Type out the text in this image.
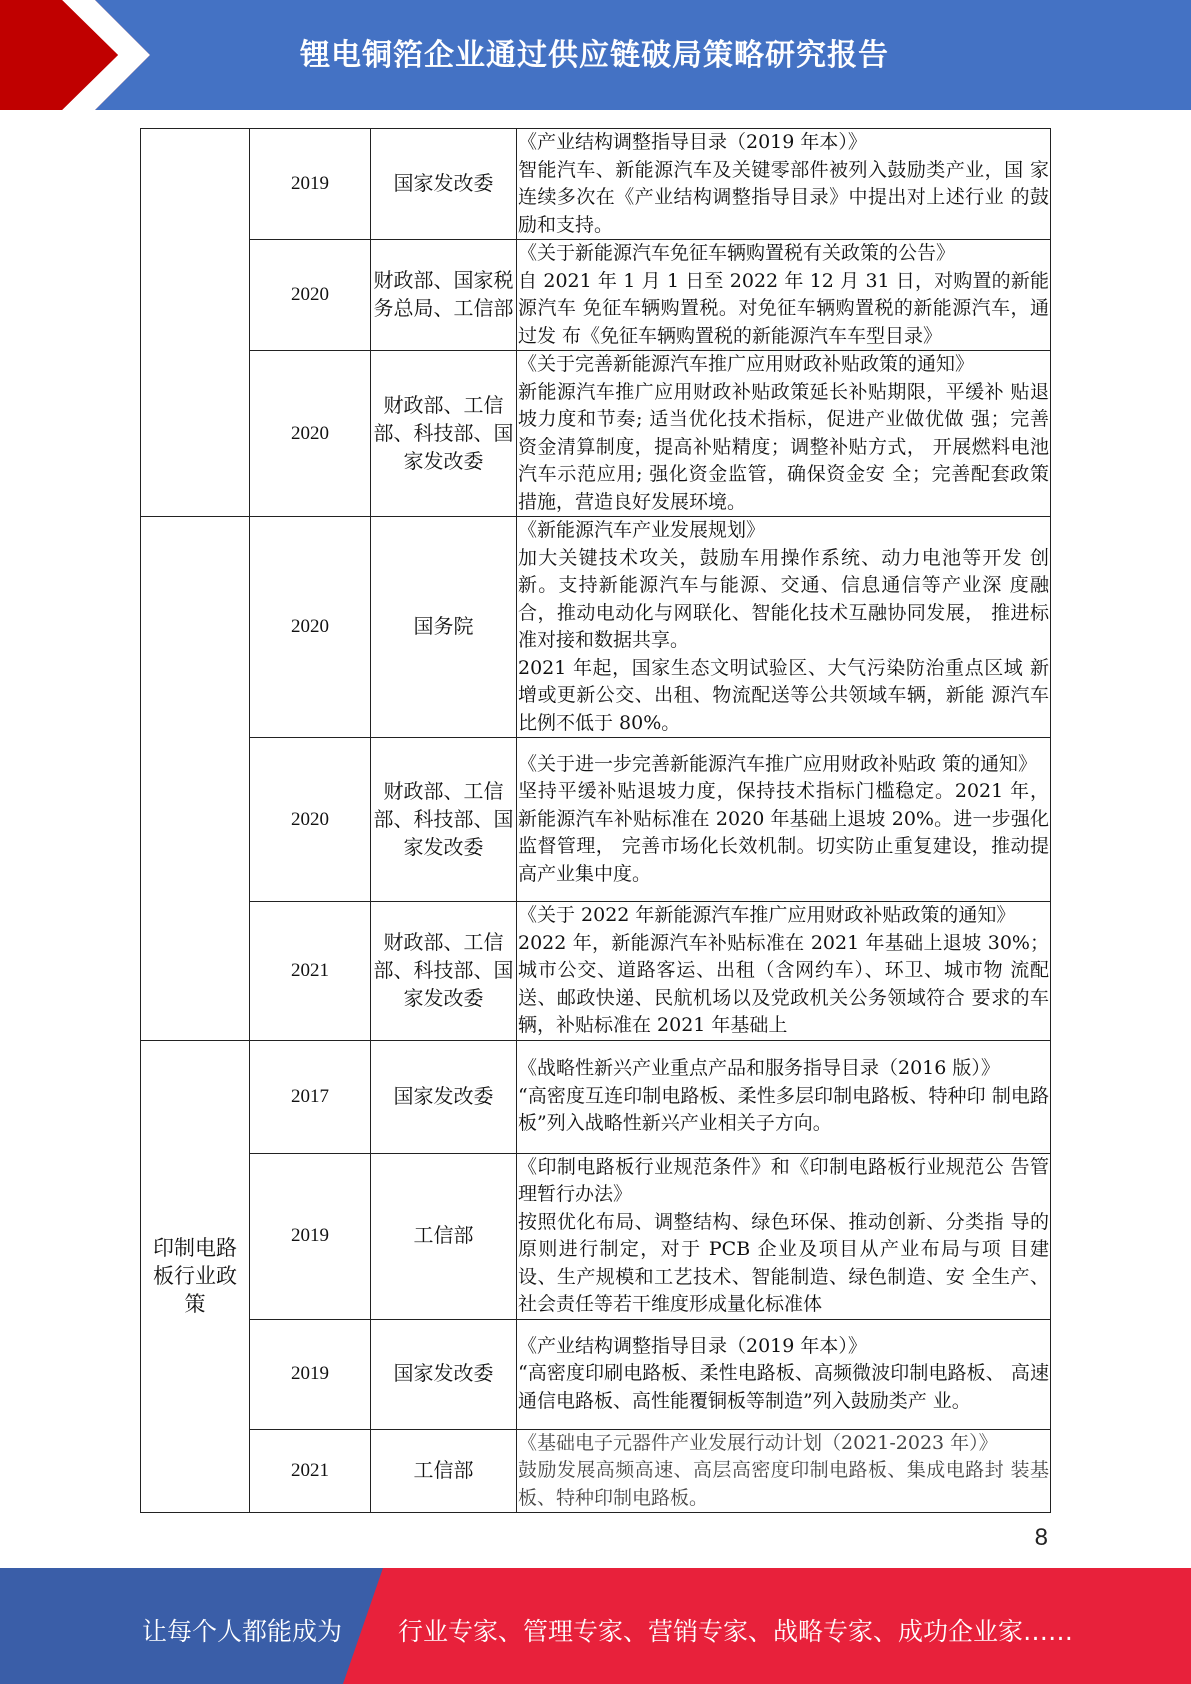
锂电铜箔企业通过供应链破局策略研究报告
	2019	国家发改委	《产业结构调整指导目录（2019 年本）》
智能汽车、新能源汽车及关键零部件被列入鼓励类产业，国 家连续多次在《产业结构调整指导目录》中提出对上述行业 的鼓励和支持。

	2020	财政部、国家税务总局、工信部	《关于新能源汽车免征车辆购置税有关政策的公告》
自 2021 年 1 月 1 日至 2022 年 12 月 31 日，对购置的新能源汽车 免征车辆购置税。对免征车辆购置税的新能源汽车，通过发 布《免征车辆购置税的新能源汽车车型目录》

	2020	财政部、工信部、科技部、国 家发改委	《关于完善新能源汽车推广应用财政补贴政策的通知》
新能源汽车推广应用财政补贴政策延长补贴期限，平缓补 贴退坡力度和节奏; 适当优化技术指标，促进产业做优做 强；完善资金清算制度，提高补贴精度；调整补贴方式， 开展燃料电池汽车示范应用; 强化资金监管，确保资金安 全；完善配套政策措施，营造良好发展环境。

	2020	国务院	《新能源汽车产业发展规划》
加大关键技术攻关，鼓励车用操作系统、动力电池等开发 创新。支持新能源汽车与能源、交通、信息通信等产业深 度融合，推动电动化与网联化、智能化技术互融协同发展， 推进标准对接和数据共享。
2021 年起，国家生态文明试验区、大气污染防治重点区域 新增或更新公交、出租、物流配送等公共领域车辆，新能 源汽车比例不低于 80%。

	2020	财政部、工信部、科技部、国 家发改委	《关于进一步完善新能源汽车推广应用财政补贴政 策的通知》
坚持平缓补贴退坡力度，保持技术指标门槛稳定。2021 年， 新能源汽车补贴标准在 2020 年基础上退坡 20%。进一步强化监督管理， 完善市场化长效机制。切实防止重复建设，推动提高产业集中度。

	2021	财政部、工信部、科技部、国 家发改委	《关于 2022 年新能源汽车推广应用财政补贴政策的通知》
2022 年，新能源汽车补贴标准在 2021 年基础上退坡 30%； 城市公交、道路客运、出租（含网约车）、环卫、城市物 流配送、邮政快递、民航机场以及党政机关公务领域符合 要求的车辆，补贴标准在 2021 年基础上

印制电路板行业政策	2017	国家发改委	《战略性新兴产业重点产品和服务指导目录（2016 版）》
“高密度互连印制电路板、柔性多层印制电路板、特种印 制电路板”列入战略性新兴产业相关子方向。

	2019	工信部	《印制电路板行业规范条件》和《印制电路板行业规范公 告管理暂行办法》
按照优化布局、调整结构、绿色环保、推动创新、分类指 导的原则进行制定，对于 PCB 企业及项目从产业布局与项 目建设、生产规模和工艺技术、智能制造、绿色制造、安 全生产、社会责任等若干维度形成量化标准体

	2019	国家发改委	《产业结构调整指导目录（2019 年本）》
“高密度印刷电路板、柔性电路板、高频微波印制电路板、 高速通信电路板、高性能覆铜板等制造”列入鼓励类产 业。

	2021	工信部	《基础电子元器件产业发展行动计划（2021-2023 年）》
鼓励发展高频高速、高层高密度印制电路板、集成电路封 装基板、特种印制电路板。
8
让每个人都能成为 行业专家、管理专家、营销专家、战略专家、成功企业家……
